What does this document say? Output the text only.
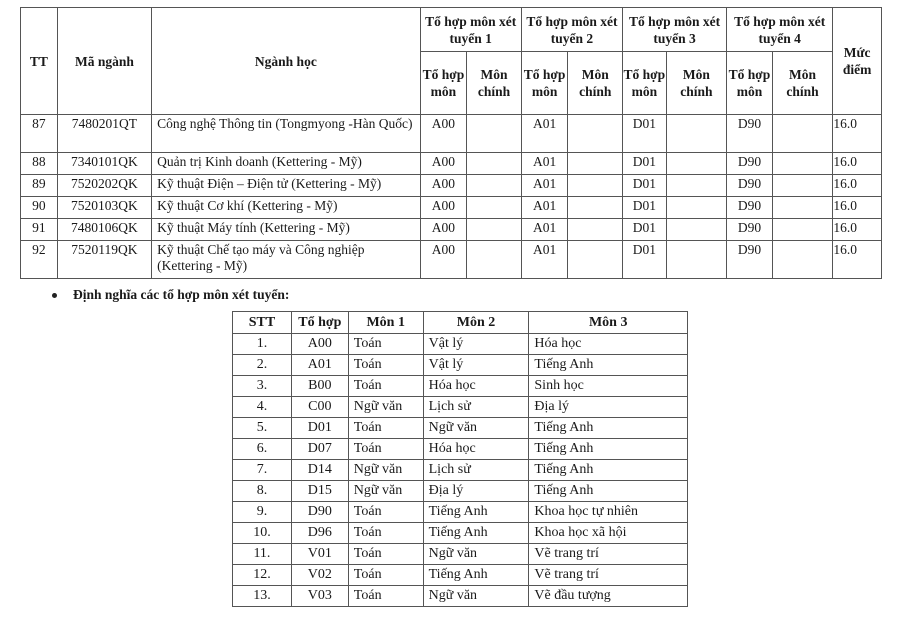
TT	Mã ngành	Ngành học	Tổ hợp môn xét tuyển 1		Tổ hợp môn xét tuyển 2		Tổ hợp môn xét tuyển 3		Tổ hợp môn xét tuyển 4		Mức điểm
			Tổ hợp môn	Môn chính	Tổ hợp môn	Môn chính	Tổ hợp môn	Môn chính	Tổ hợp môn	Môn chính	
87	7480201QT	Công nghệ Thông tin (Tongmyong -Hàn Quốc)	A00		A01		D01		D90		16.0
88	7340101QK	Quản trị Kinh doanh (Kettering - Mỹ)	A00		A01		D01		D90		16.0
89	7520202QK	Kỹ thuật Điện – Điện tử (Kettering - Mỹ)	A00		A01		D01		D90		16.0
90	7520103QK	Kỹ thuật Cơ khí (Kettering - Mỹ)	A00		A01		D01		D90		16.0
91	7480106QK	Kỹ thuật Máy tính (Kettering - Mỹ)	A00		A01		D01		D90		16.0
92	7520119QK	Kỹ thuật Chế tạo máy và Công nghiệp (Kettering - Mỹ)	A00		A01		D01		D90		16.0
Định nghĩa các tổ hợp môn xét tuyển:
STT	Tổ hợp	Môn 1	Môn 2	Môn 3
1.	A00	Toán	Vật lý	Hóa học
2.	A01	Toán	Vật lý	Tiếng Anh
3.	B00	Toán	Hóa học	Sinh học
4.	C00	Ngữ văn	Lịch sử	Địa lý
5.	D01	Toán	Ngữ văn	Tiếng Anh
6.	D07	Toán	Hóa học	Tiếng Anh
7.	D14	Ngữ văn	Lịch sử	Tiếng Anh
8.	D15	Ngữ văn	Địa lý	Tiếng Anh
9.	D90	Toán	Tiếng Anh	Khoa học tự nhiên
10.	D96	Toán	Tiếng Anh	Khoa học xã hội
11.	V01	Toán	Ngữ văn	Vẽ trang trí
12.	V02	Toán	Tiếng Anh	Vẽ trang trí
13.	V03	Toán	Ngữ văn	Vẽ đầu tượng
